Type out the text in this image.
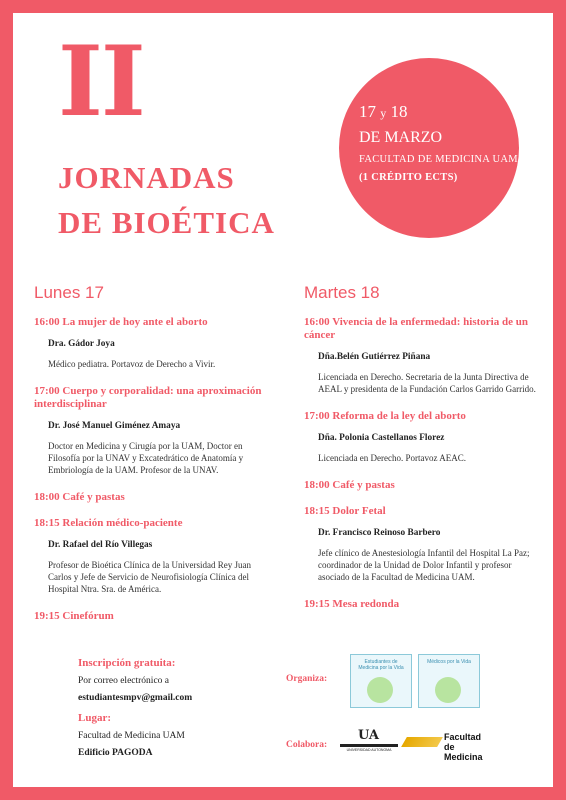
II
JORNADAS
DE BIOÉTICA
17 y 18
DE MARZO
FACULTAD DE MEDICINA UAM
(1 CRÉDITO ECTS)
Lunes 17
16:00 La mujer de hoy ante el aborto
Dra. Gádor Joya
Médico pediatra. Portavoz de Derecho a Vivir.
17:00 Cuerpo y corporalidad: una aproximación interdisciplinar
Dr. José Manuel Giménez Amaya
Doctor en Medicina y Cirugía por la UAM, Doctor en Filosofía por la UNAV y Excatedrático de Anatomía y Embriología de la UAM. Profesor de la UNAV.
18:00 Café y pastas
18:15 Relación médico-paciente
Dr. Rafael del Río Villegas
Profesor de Bioética Clínica de la Universidad Rey Juan Carlos y Jefe de Servicio de Neurofisiología Clínica del Hospital Ntra. Sra. de América.
19:15 Cinefórum
Martes 18
16:00 Vivencia de la enfermedad: historia de un cáncer
Dña.Belén Gutiérrez Piñana
Licenciada en Derecho. Secretaria de la Junta Directiva de AEAL y presidenta de la Fundación Carlos Garrido Garrido.
17:00 Reforma de la ley del aborto
Dña. Polonia Castellanos Florez
Licenciada en Derecho. Portavoz AEAC.
18:00 Café y pastas
18:15 Dolor Fetal
Dr. Francisco Reinoso Barbero
Jefe clínico de Anestesiología Infantil del Hospital La Paz; coordinador de la Unidad de Dolor Infantil y profesor asociado de la Facultad de Medicina UAM.
19:15 Mesa redonda
Inscripción gratuita:
Por correo electrónico a
estudiantesmpv@gmail.com
Lugar:
Facultad de Medicina UAM
Edificio PAGODA
Organiza:
Estudiantes de Medicina por la Vida
Médicos por la Vida
Colabora:
UA
UNIVERSIDAD AUTONOMA
Facultad
de Medicina
